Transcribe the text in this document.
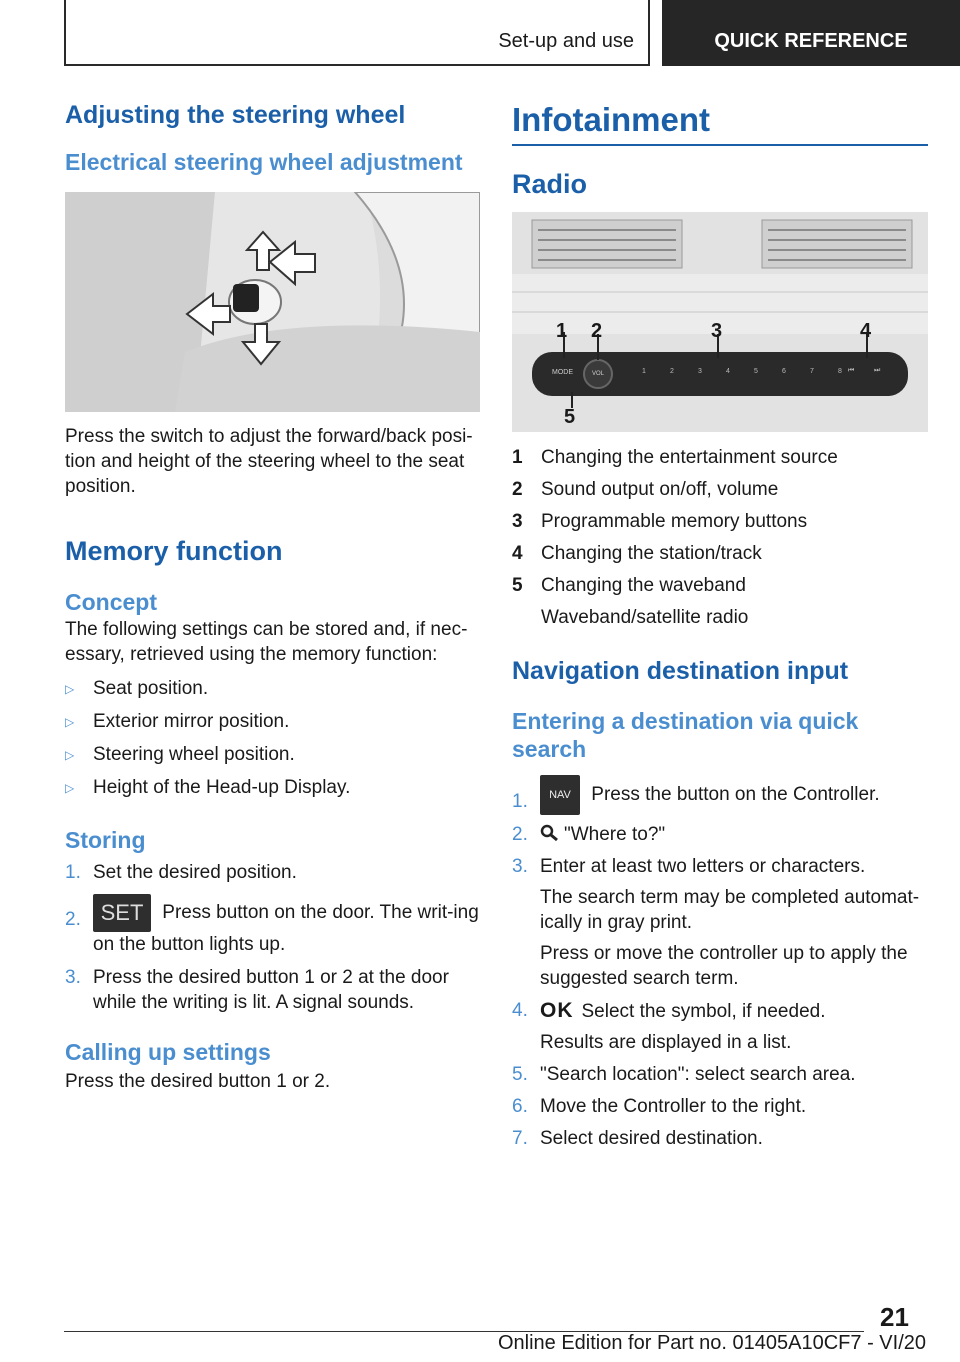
Set-up and use	QUICK REFERENCE
Adjusting the steering wheel
Electrical steering wheel adjustment
Press the switch to adjust the forward/back posi-tion and height of the steering wheel to the seat position.
Memory function
Concept
The following settings can be stored and, if nec-essary, retrieved using the memory function:
▷ Seat position.
▷ Exterior mirror position.
▷ Steering wheel position.
▷ Height of the Head-up Display.
Storing
1. Set the desired position.
2. SET Press button on the door. The writ-ing on the button lights up.
3. Press the desired button 1 or 2 at the door while the writing is lit. A signal sounds.
Calling up settings
Press the desired button 1 or 2.
Infotainment
Radio
1 2	3	4
5
MODE	VOL	1	2	3	4	5	6	7	8 ⏮	⏭
1 Changing the entertainment source
2 Sound output on/off, volume
3 Programmable memory buttons
4 Changing the station/track
5 Changing the waveband
Waveband/satellite radio
Navigation destination input
Entering a destination via quick search
1.	NAV Press the button on the Controller.
2.	"Where to?"
3. Enter at least two letters or characters.
The search term may be completed automat-ically in gray print.
Press or move the controller up to apply the suggested search term.
4. OK Select the symbol, if needed.
Results are displayed in a list.
5. "Search location": select search area.
6. Move the Controller to the right.
7. Select desired destination.
21
Online Edition for Part no. 01405A10CF7 - VI/20
